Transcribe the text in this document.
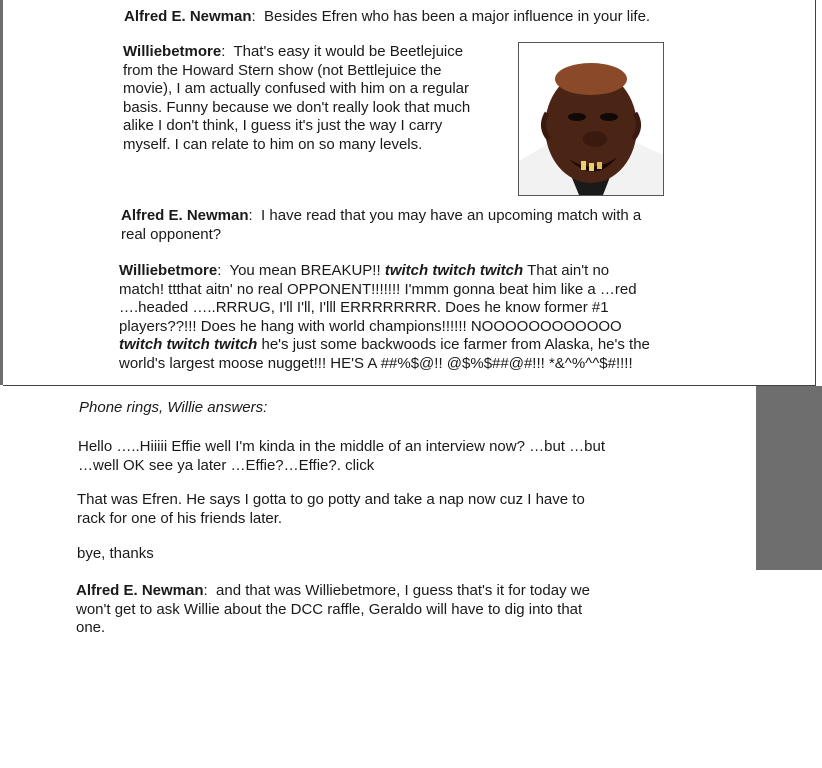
Alfred E. Newman:  Besides Efren who has been a major influence in your life.
Williebetmore:  That's easy it would be Beetlejuice
from the Howard Stern show (not Bettlejuice the
movie), I am actually confused with him on a regular
basis. Funny because we don't really look that much
alike I don't think, I guess it's just the way I carry
myself. I can relate to him on so many levels.
Alfred E. Newman:  I have read that you may have an upcoming match with a
real opponent?
Williebetmore:  You mean BREAKUP!! twitch twitch twitch That ain't no
match! ttthat aitn' no real OPPONENT!!!!!!! I'mmm gonna beat him like a …red
….headed …..RRRUG, I'll I'll, I'lll ERRRRRRRR. Does he know former #1
players??!!! Does he hang with world champions!!!!!! NOOOOOOOOOOOO
twitch twitch twitch he's just some backwoods ice farmer from Alaska, he's the
world's largest moose nugget!!! HE'S A ##%$@!! @$%$##@#!!! *&^%^^$#!!!!
Phone rings, Willie answers:
Hello …..Hiiiii Effie well I'm kinda in the middle of an interview now? …but …but
…well OK see ya later …Effie?…Effie?. click
That was Efren. He says I gotta to go potty and take a nap now cuz I have to
rack for one of his friends later.
bye, thanks
Alfred E. Newman:  and that was Williebetmore, I guess that's it for today we
won't get to ask Willie about the DCC raffle, Geraldo will have to dig into that
one.
